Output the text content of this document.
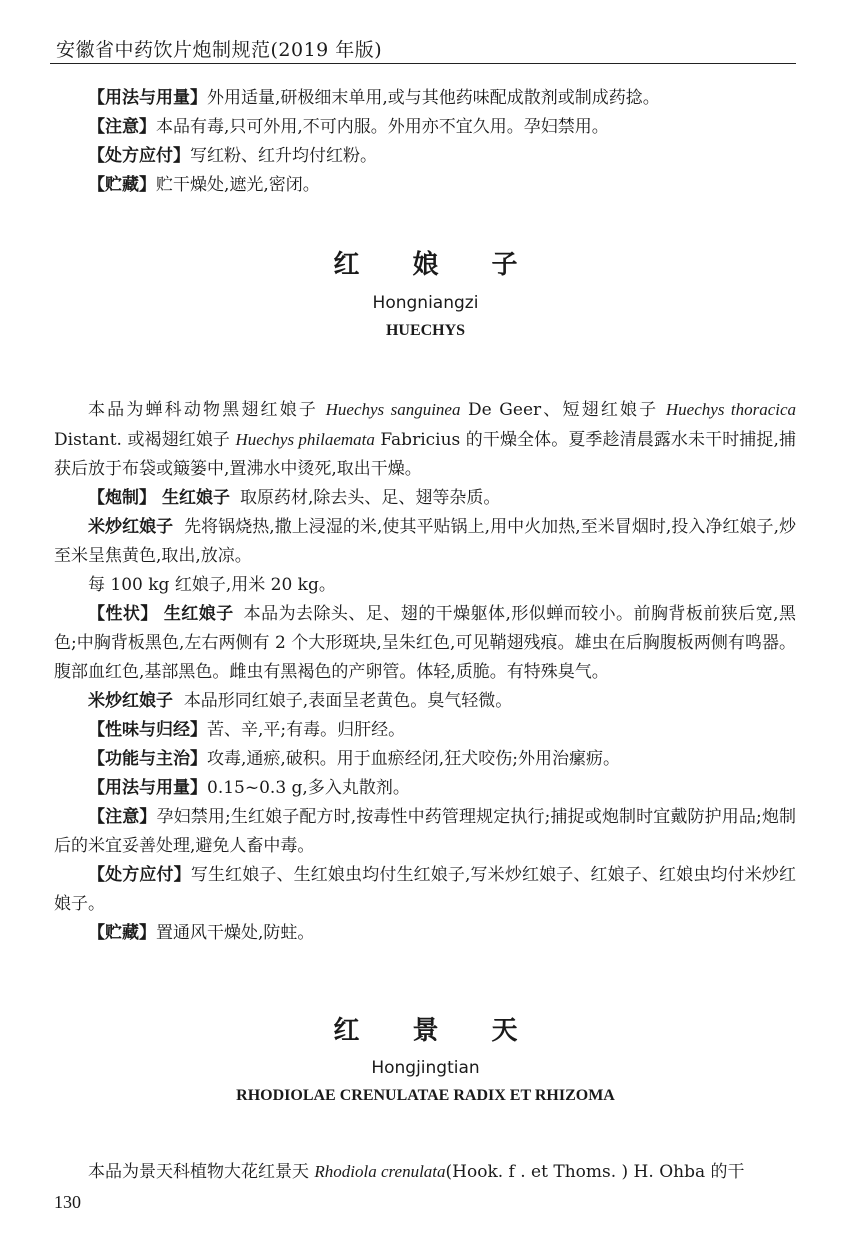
安徽省中药饮片炮制规范(2019 年版)

【用法与用量】外用适量,研极细末单用,或与其他药味配成散剂或制成药捻。

【注意】本品有毒,只可外用,不可内服。外用亦不宜久用。孕妇禁用。

【处方应付】写红粉、红升均付红粉。

【贮藏】贮干燥处,遮光,密闭。

红 娘 子
Hongniangzi
HUECHYS

本品为蝉科动物黑翅红娘子 Huechys sanguinea De Geer、短翅红娘子 Huechys thoracica Distant. 或褐翅红娘子 Huechys philaemata Fabricius 的干燥全体。夏季趁清晨露水未干时捕捉,捕获后放于布袋或簸篓中,置沸水中烫死,取出干燥。

【炮制】 生红娘子 取原药材,除去头、足、翅等杂质。

米炒红娘子 先将锅烧热,撒上浸湿的米,使其平贴锅上,用中火加热,至米冒烟时,投入净红娘子,炒至米呈焦黄色,取出,放凉。

每 100 kg 红娘子,用米 20 kg。

【性状】 生红娘子 本品为去除头、足、翅的干燥躯体,形似蝉而较小。前胸背板前狭后宽,黑色;中胸背板黑色,左右两侧有 2 个大形斑块,呈朱红色,可见鞘翅残痕。雄虫在后胸腹板两侧有鸣器。腹部血红色,基部黑色。雌虫有黑褐色的产卵管。体轻,质脆。有特殊臭气。

米炒红娘子 本品形同红娘子,表面呈老黄色。臭气轻微。

【性味与归经】苦、辛,平;有毒。归肝经。

【功能与主治】攻毒,通瘀,破积。用于血瘀经闭,狂犬咬伤;外用治瘰疬。

【用法与用量】0.15~0.3 g,多入丸散剂。

【注意】孕妇禁用;生红娘子配方时,按毒性中药管理规定执行;捕捉或炮制时宜戴防护用品;炮制后的米宜妥善处理,避免人畜中毒。

【处方应付】写生红娘子、生红娘虫均付生红娘子,写米炒红娘子、红娘子、红娘虫均付米炒红娘子。

【贮藏】置通风干燥处,防蛀。

红 景 天
Hongjingtian
RHODIOLAE CRENULATAE RADIX ET RHIZOMA

本品为景天科植物大花红景天 Rhodiola crenulata(Hook. f . et Thoms. ) H. Ohba 的干

130
